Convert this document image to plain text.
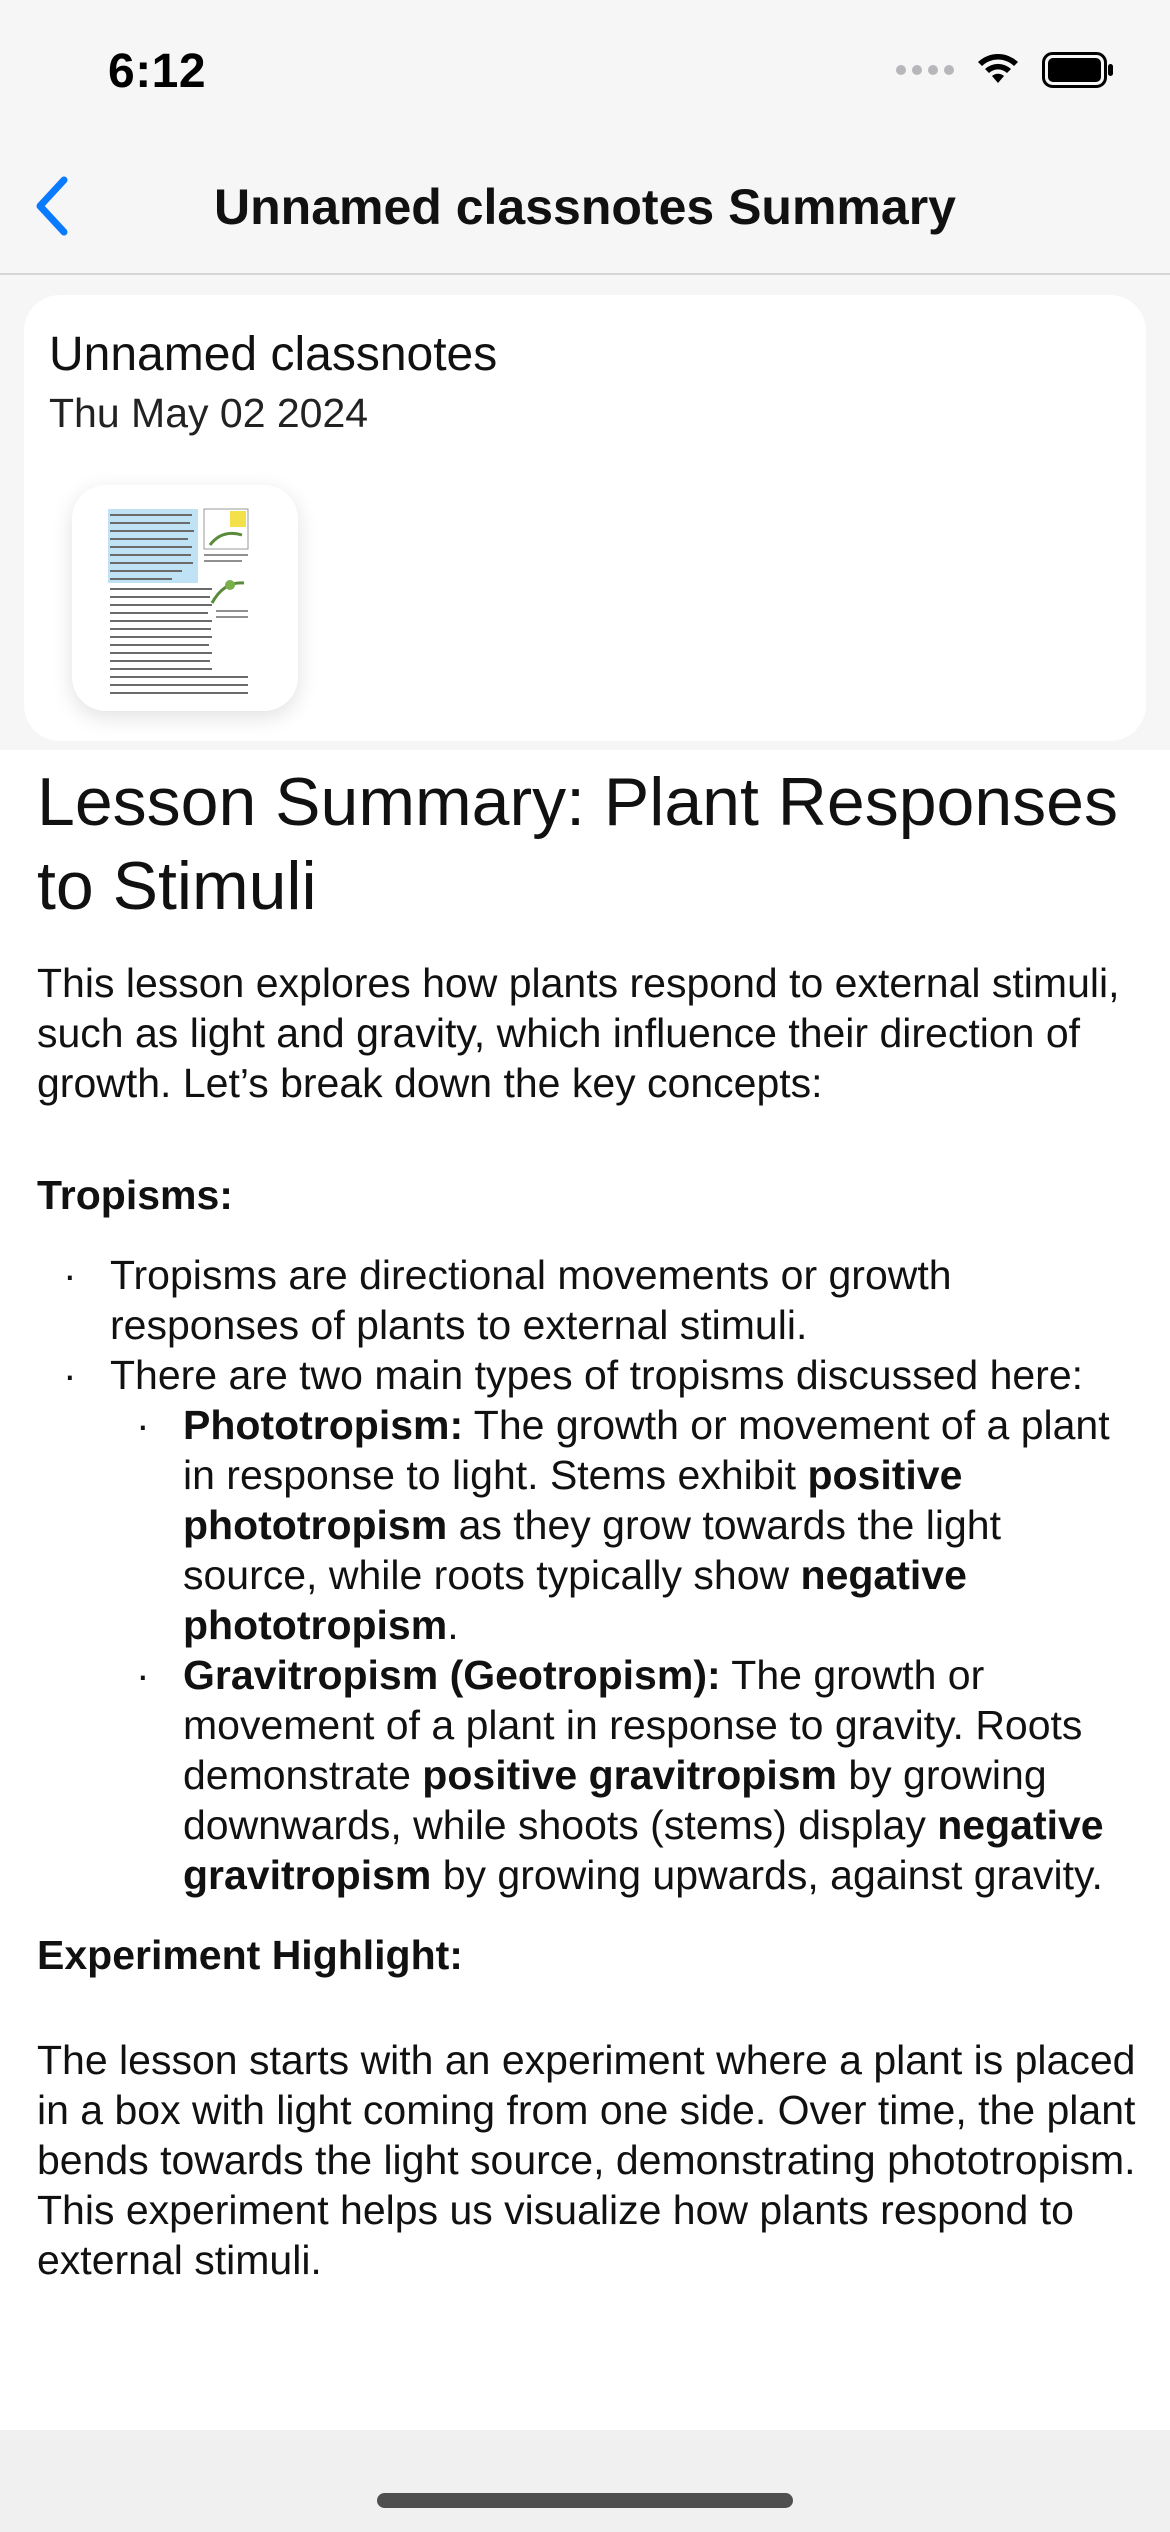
6:12
Unnamed classnotes Summary
Unnamed classnotes
Thu May 02 2024
Lesson Summary: Plant Responses to Stimuli

This lesson explores how plants respond to external stimuli, such as light and gravity, which influence their direction of growth. Let’s break down the key concepts:

Tropisms:

· Tropisms are directional movements or growth responses of plants to external stimuli.
· There are two main types of tropisms discussed here:
· Phototropism: The growth or movement of a plant in response to light. Stems exhibit positive phototropism as they grow towards the light source, while roots typically show negative phototropism.
· Gravitropism (Geotropism): The growth or movement of a plant in response to gravity. Roots demonstrate positive gravitropism by growing downwards, while shoots (stems) display negative gravitropism by growing upwards, against gravity.

Experiment Highlight:

The lesson starts with an experiment where a plant is placed in a box with light coming from one side. Over time, the plant bends towards the light source, demonstrating phototropism. This experiment helps us visualize how plants respond to external stimuli.
